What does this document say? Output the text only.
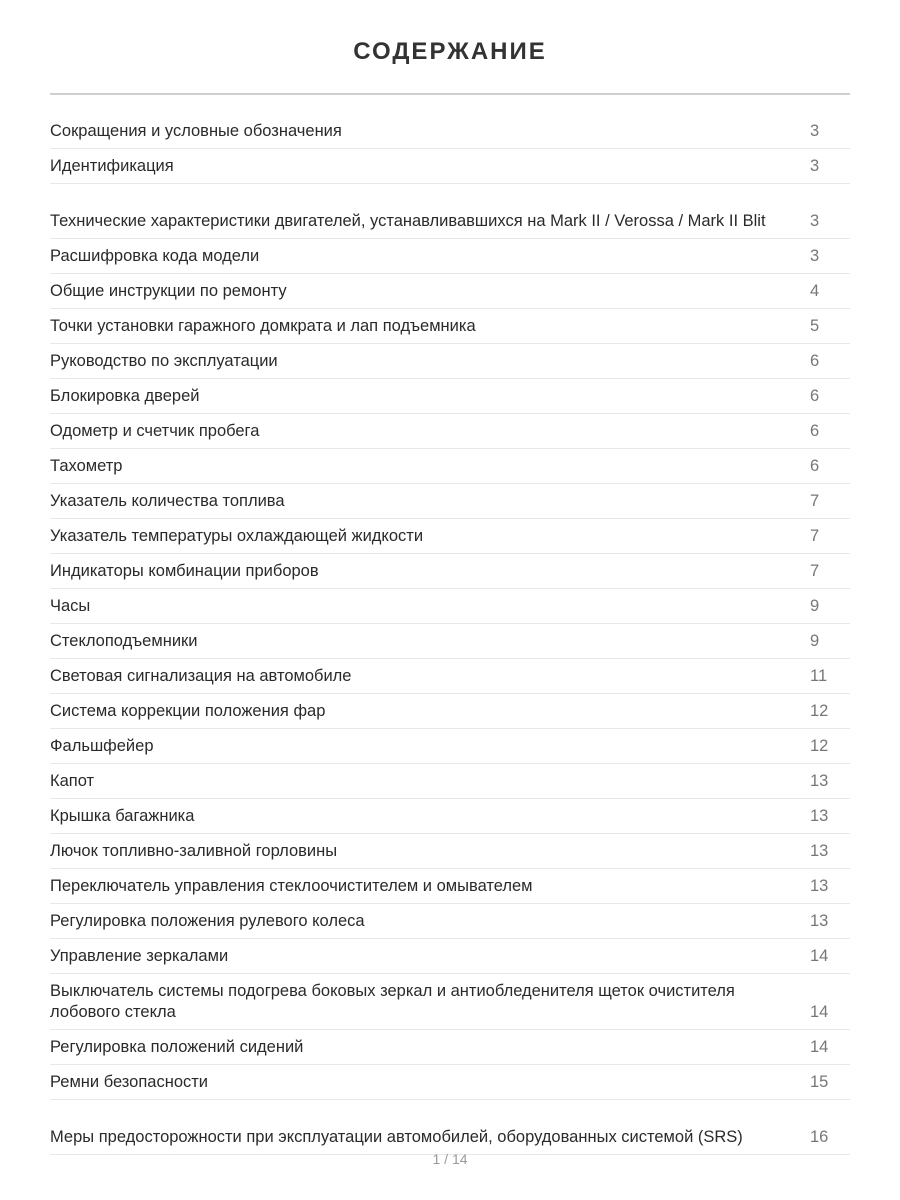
СОДЕРЖАНИЕ
Сокращения и условные обозначения	3
Идентификация	3
Технические характеристики двигателей, устанавливавшихся на Mark II / Verossa / Mark II Blit	3
Расшифровка кода модели	3
Общие инструкции по ремонту	4
Точки установки гаражного домкрата и лап подъемника	5
Руководство по эксплуатации	6
Блокировка дверей	6
Одометр и счетчик пробега	6
Тахометр	6
Указатель количества топлива	7
Указатель температуры охлаждающей жидкости	7
Индикаторы комбинации приборов	7
Часы	9
Стеклоподъемники	9
Световая сигнализация на автомобиле	11
Система коррекции положения фар	12
Фальшфейер	12
Капот	13
Крышка багажника	13
Лючок топливно-заливной горловины	13
Переключатель управления стеклоочистителем и омывателем	13
Регулировка положения рулевого колеса	13
Управление зеркалами	14
Выключатель системы подогрева боковых зеркал и антиобледенителя щеток очистителя лобового стекла	14
Регулировка положений сидений	14
Ремни безопасности	15
Меры предосторожности при эксплуатации автомобилей, оборудованных системой (SRS)	16
1 / 14
